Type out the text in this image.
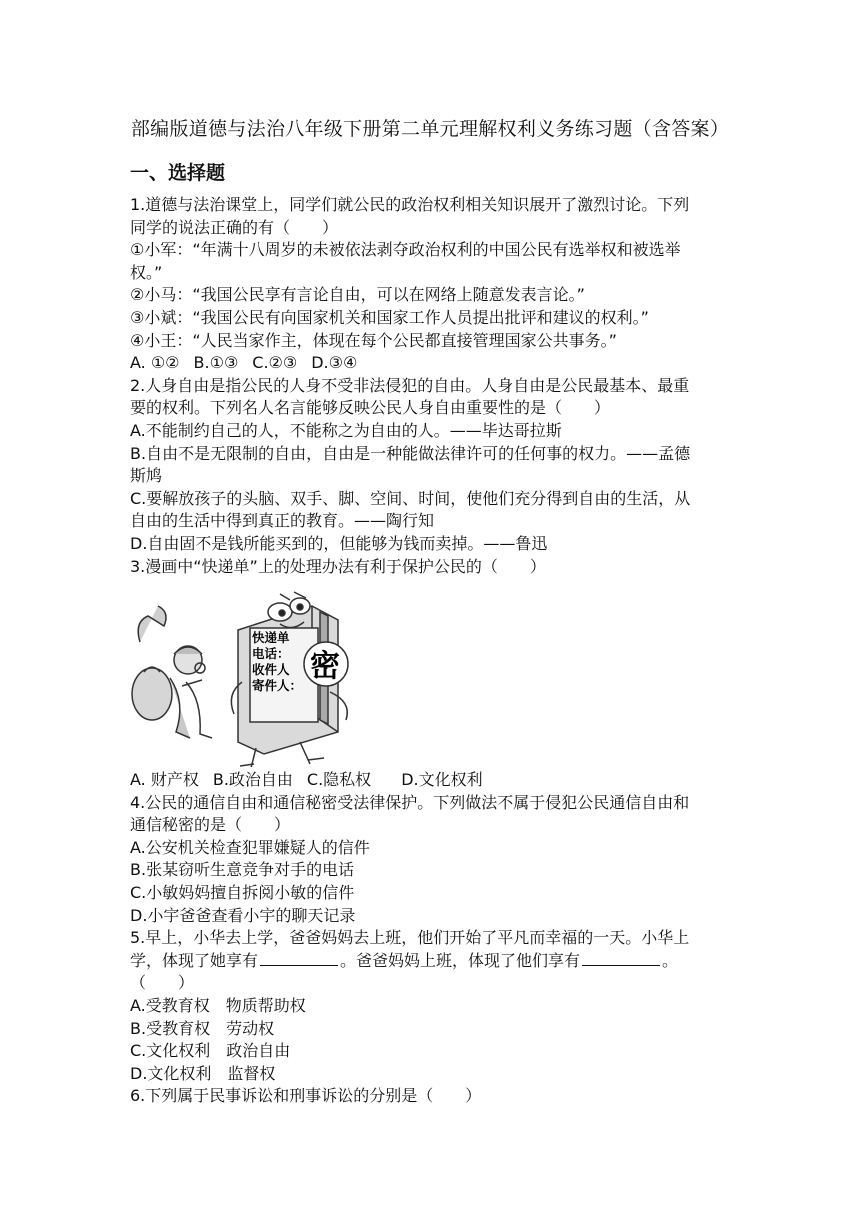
部编版道德与法治八年级下册第二单元理解权利义务练习题（含答案）
一、选择题
1.道德与法治课堂上，同学们就公民的政治权利相关知识展开了激烈讨论。下列
同学的说法正确的有（　　）
①小军：“年满十八周岁的未被依法剥夺政治权利的中国公民有选举权和被选举
权。”
②小马：“我国公民享有言论自由，可以在网络上随意发表言论。”
③小斌：“我国公民有向国家机关和国家工作人员提出批评和建议的权利。”
④小王：“人民当家作主，体现在每个公民都直接管理国家公共事务。”
A. ①② B.①③ C.②③ D.③④
2.人身自由是指公民的人身不受非法侵犯的自由。人身自由是公民最基本、最重
要的权利。下列名人名言能够反映公民人身自由重要性的是（　　）
A.不能制约自己的人，不能称之为自由的人。——毕达哥拉斯
B.自由不是无限制的自由，自由是一种能做法律许可的任何事的权力。——孟德
斯鸠
C.要解放孩子的头脑、双手、脚、空间、时间，使他们充分得到自由的生活，从
自由的生活中得到真正的教育。——陶行知
D.自由固不是钱所能买到的，但能够为钱而卖掉。——鲁迅
3.漫画中“快递单”上的处理办法有利于保护公民的（　　）
快递单
电话：
收件人
寄件人：
密
A. 财产权 B.政治自由 C.隐私权 D.文化权利
4.公民的通信自由和通信秘密受法律保护。下列做法不属于侵犯公民通信自由和
通信秘密的是（　　）
A.公安机关检查犯罪嫌疑人的信件
B.张某窃听生意竞争对手的电话
C.小敏妈妈擅自拆阅小敏的信件
D.小宇爸爸查看小宇的聊天记录
5.早上，小华去上学，爸爸妈妈去上班，他们开始了平凡而幸福的一天。小华上
学，体现了她享有	。爸爸妈妈上班，体现了他们享有	。
（　　）
A.受教育权　物质帮助权
B.受教育权　劳动权
C.文化权利　政治自由
D.文化权利　监督权
6.下列属于民事诉讼和刑事诉讼的分别是（　　）
